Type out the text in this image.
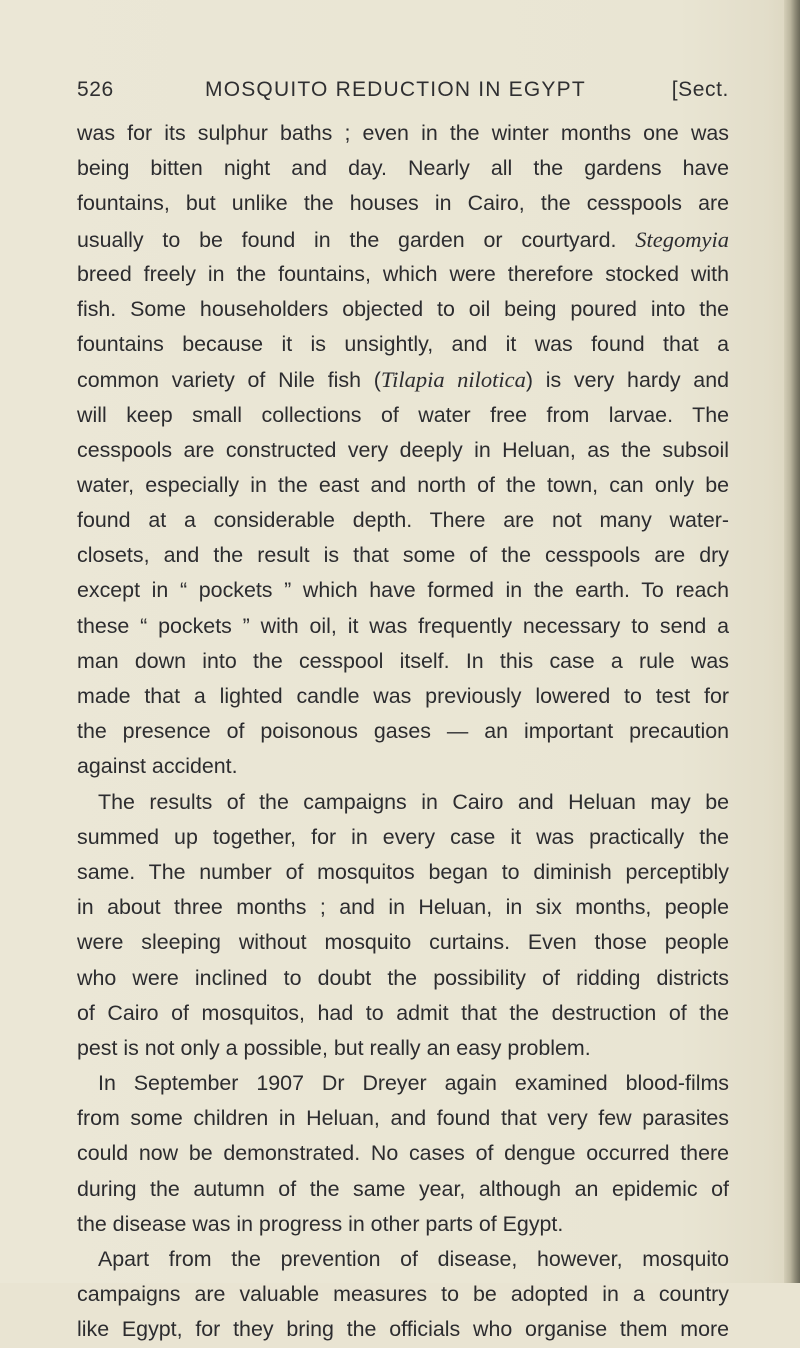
526	MOSQUITO REDUCTION IN EGYPT	[Sect.
was for its sulphur baths ; even in the winter months one was
being bitten night and day. Nearly all the gardens have
fountains, but unlike the houses in Cairo, the cesspools are
usually to be found in the garden or courtyard. Stegomyia
breed freely in the fountains, which were therefore stocked with
fish. Some householders objected to oil being poured into the
fountains because it is unsightly, and it was found that a
common variety of Nile fish (Tilapia nilotica) is very hardy and
will keep small collections of water free from larvae. The
cesspools are constructed very deeply in Heluan, as the subsoil
water, especially in the east and north of the town, can only be
found at a considerable depth. There are not many water-
closets, and the result is that some of the cesspools are dry
except in “ pockets ” which have formed in the earth. To reach
these “ pockets ” with oil, it was frequently necessary to send a
man down into the cesspool itself. In this case a rule was
made that a lighted candle was previously lowered to test for
the presence of poisonous gases — an important precaution
against accident.
The results of the campaigns in Cairo and Heluan may be
summed up together, for in every case it was practically the
same. The number of mosquitos began to diminish perceptibly
in about three months ; and in Heluan, in six months, people
were sleeping without mosquito curtains. Even those people
who were inclined to doubt the possibility of ridding districts
of Cairo of mosquitos, had to admit that the destruction of the
pest is not only a possible, but really an easy problem.
In September 1907 Dr Dreyer again examined blood-films
from some children in Heluan, and found that very few parasites
could now be demonstrated. No cases of dengue occurred there
during the autumn of the same year, although an epidemic of
the disease was in progress in other parts of Egypt.
Apart from the prevention of disease, however, mosquito
campaigns are valuable measures to be adopted in a country
like Egypt, for they bring the officials who organise them more
